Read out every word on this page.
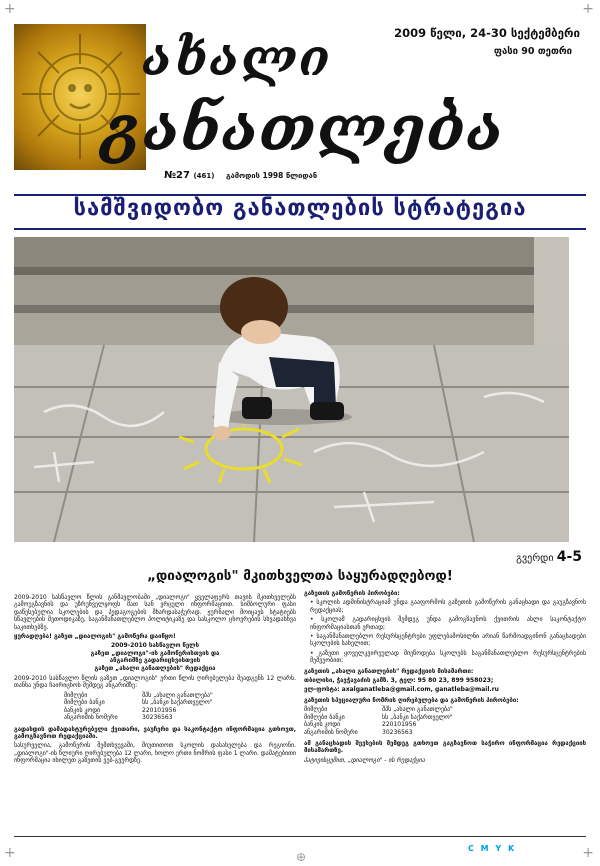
+	+
+	+
ახალი
განათლება
2009 წელი, 24-30 სექტემბერი
ფასი 90 თეთრი
№27 (461) გამოდის 1998 წლიდან
სამშვიდობო განათლების სტრატეგია
გვერდი 4-5
„დიალოგის" მკითხველთა საყურადღებოდ!

2009-2010 სასწავლო წლის განმავლობაში „დიალოგი" ყველაფერს თავის მკითხველებს გამოუგზავნის და უზრუნველყოფს მათ სან ვრცელი ინფორმაციით. სიმბოლური ფასი დაწესებულია სკოლების და პედაგოგების მხარდასაჭერად. ჟურნალი მოიცავს სტატიებს სწავლების მეთოდიკაზე, საგანმანათლებლო პოლიტიკაზე და სასკოლო ცხოვრების სხვადასხვა საკითხებზე.

ყურადღება! გაზეთ „დიალოგის" გამოწერა დაიწყო!

2009-2010 სასწავლო წელს
გაზეთ „დიალოგი"-ის გამოწერისთვის და
ანგარიშზე გადარიცხვისთვის
გაზეთ „ახალი განათლების" რედაქცია

2009-2010 სასწავლო წლის გაზეთ „დიალოგის" ერთი წლის ღირებულება შეადგენს 12 ლარს. თანხა უნდა ჩაირიცხოს შემდეგ ანგარიშზე:

მიმღები	შპს „ახალი განათლება"
მიმღები ბანკი	სს „ბანკი საქართველო"
ბანკის კოდი	220101956
ანგარიშის ნომერი	30236563

გადახდის დამადასტურებელი ქვითარი, ვაუჩერი და საკონტაქტო ინფორმაცია გთხოვთ, გამოგზავნოთ რედაქციაში.

სასურველია, გამოწერის შემთხვევაში, მიუთითოთ სკოლის დასახელება და რეგიონი. „დიალოგი"-ის წლიური ღირებულება 12 ლარი, ხოლო ერთი ნომრის ფასი 1 ლარი. დამატებითი ინფორმაცია იხილეთ გაზეთის ვებ-გვერდზე.

გაზეთის გამოწერის პირობები:

• სკოლის ადმინისტრაციამ უნდა გააფორმოს გაზეთის გამოწერის განაცხადი და გაუგზავნოს რედაქციას;

• სკოლამ გადარიცხვის შემდეგ უნდა გამოგზავნოს ქვითრის ასლი საკონტაქტო ინფორმაციასთან ერთად;

• საგანმანათლებლო რესურსცენტრები უფლებამოსილნი არიან წარმოადგინონ განაცხადები სკოლების სახელით;

• გაზეთი ყოველკვირეულად მიეწოდება სკოლებს საგანმანათლებლო რესურსცენტრების მეშვეობით;

გაზეთის „ახალი განათლების" რედაქციის მისამართი:

თბილისი, ჭავჭავაძის გამზ. 3, ტელ: 95 80 23, 899 958023;

ელ-ფოსტა: axalganatleba@gmail.com, ganatleba@mail.ru

გაზეთის სპეციალური ნომრის ღირებულება და გამოწერის პირობები:

მიმღები	შპს „ახალი განათლება"
მიმღები ბანკი	სს „ბანკი საქართველო"
ბანკის კოდი	220101956
ანგარიშის ნომერი	30236563

ამ განაცხადის შევსების შემდეგ გთხოვთ გაგზავნოთ საჭირო ინფორმაცია რედაქციის მისამართზე.

პატივისცემით, „დიალოგი" - ის რედაქცია

C M Y K
⊕
